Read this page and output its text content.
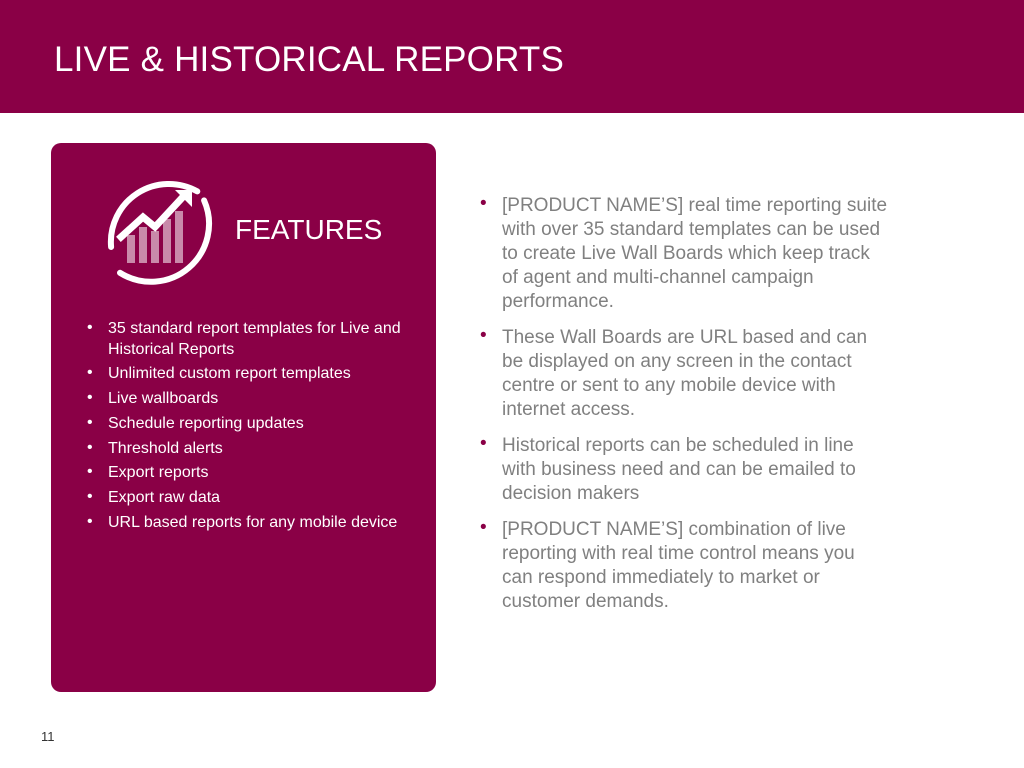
LIVE & HISTORICAL REPORTS
FEATURES
• 35 standard report templates for Live and Historical Reports
• Unlimited custom report templates
• Live wallboards
• Schedule reporting updates
• Threshold alerts
• Export reports
• Export raw data
• URL based reports for any mobile device
• [PRODUCT NAME’S] real time reporting suite with over 35 standard templates can be used to create Live Wall Boards which keep track of agent and multi-channel campaign performance.
• These Wall Boards are URL based and can be displayed on any screen in the contact centre or sent to any mobile device with internet access.
• Historical reports can be scheduled in line with business need and can be emailed to decision makers
• [PRODUCT NAME’S] combination of live reporting with real time control means you can respond immediately to market or customer demands.
11
